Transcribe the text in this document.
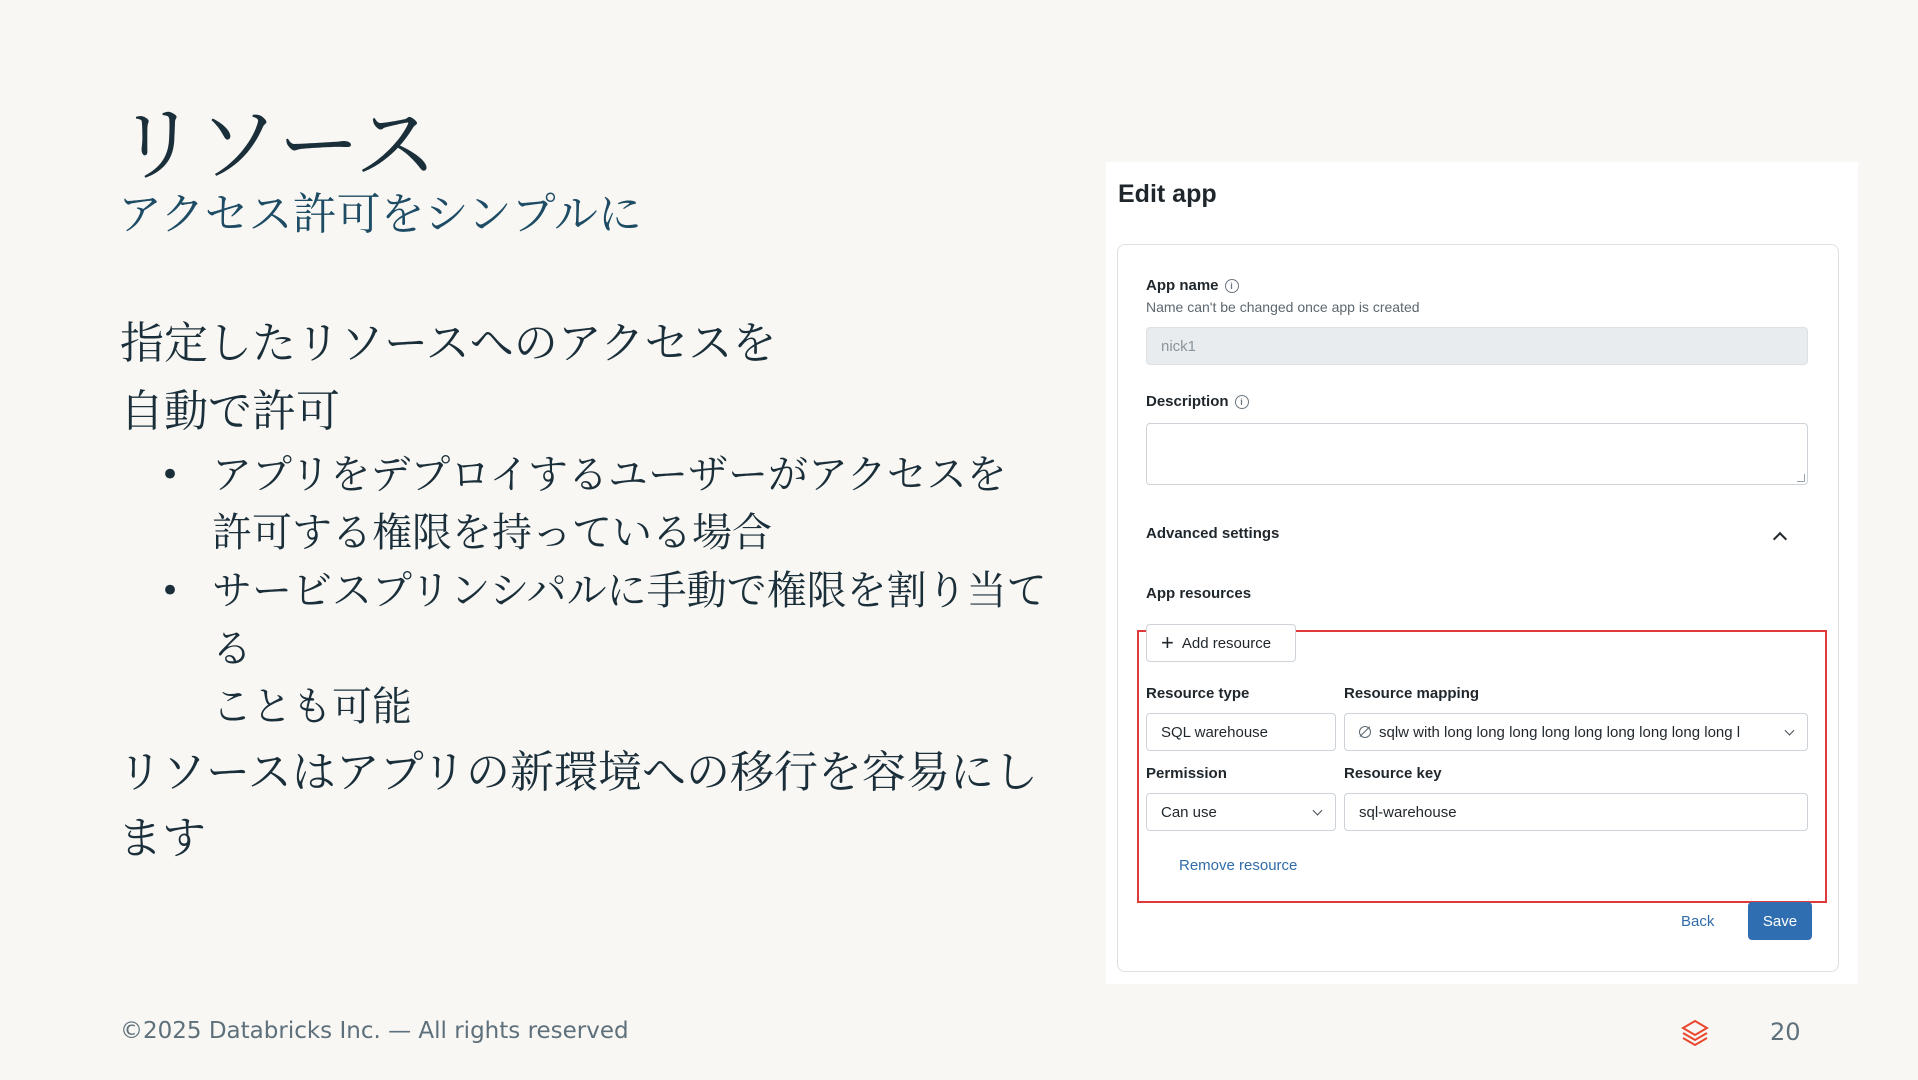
リソース
アクセス許可をシンプルに
指定したリソースへのアクセスを
自動で許可
• アプリをデプロイするユーザーがアクセスを
許可する権限を持っている場合
• サービスプリンシパルに手動で権限を割り当てる
ことも可能
リソースはアプリの新環境への移行を容易にし
ます
Edit app
App name	i
Name can't be changed once app is created
nick1
Description	i
Advanced settings
App resources
+ Add resource
Resource type	Resource mapping
SQL warehouse	sqlw with long long long long long long long long long l
Permission	Resource key
Can use	sql-warehouse
Remove resource
Back	Save
©2025 Databricks Inc. — All rights reserved	20
